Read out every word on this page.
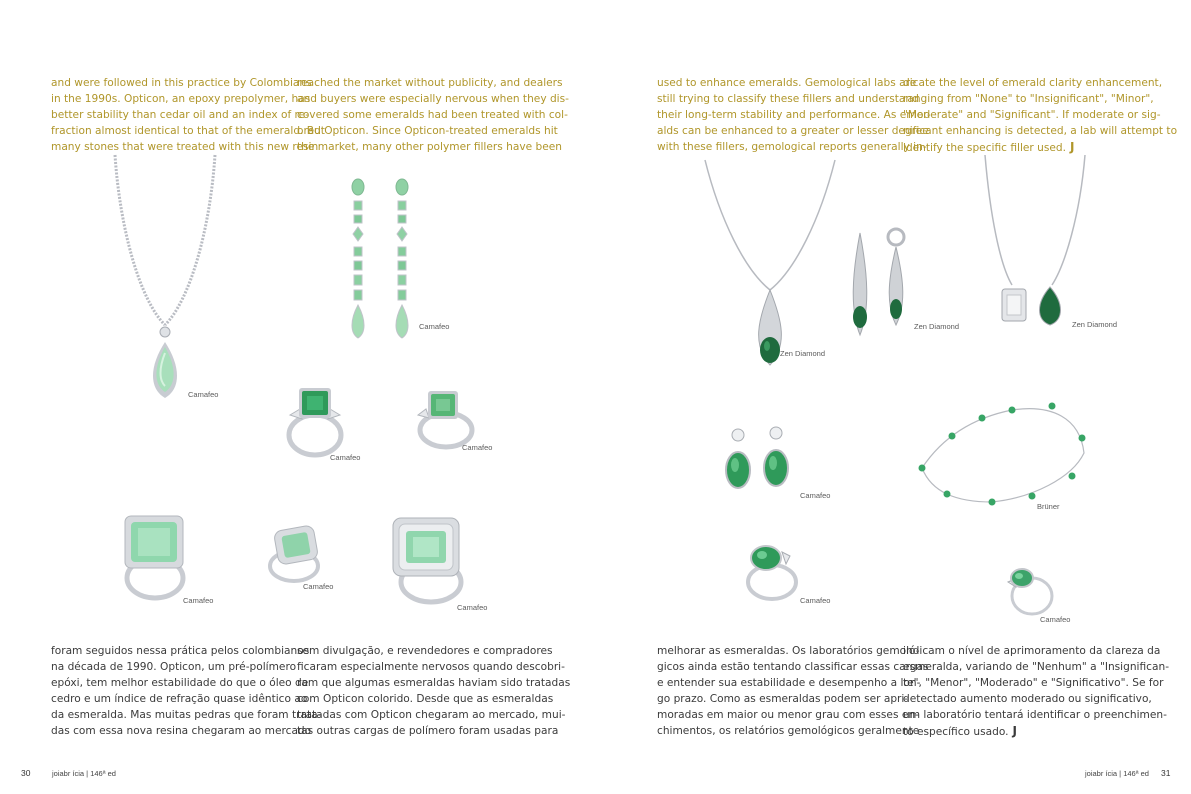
and were followed in this practice by Colombians
in the 1990s. Opticon, an epoxy prepolymer, has
better stability than cedar oil and an index of re-
fraction almost identical to that of the emerald. But
many stones that were treated with this new resin
reached the market without publicity, and dealers
and buyers were especially nervous when they dis-
covered some emeralds had been treated with col-
ored Opticon. Since Opticon-treated emeralds hit
the market, many other polymer fillers have been
foram seguidos nessa prática pelos colombianos
na década de 1990. Opticon, um pré-polímero
epóxi, tem melhor estabilidade do que o óleo de
cedro e um índice de refração quase idêntico ao
da esmeralda. Mas muitas pedras que foram trata-
das com essa nova resina chegaram ao mercado
sem divulgação, e revendedores e compradores
ficaram especialmente nervosos quando descobri-
ram que algumas esmeraldas haviam sido tratadas
com Opticon colorido. Desde que as esmeraldas
tratadas com Opticon chegaram ao mercado, mui-
tas outras cargas de polímero foram usadas para
used to enhance emeralds. Gemological labs are
still trying to classify these fillers and understand
their long-term stability and performance. As emer-
alds can be enhanced to a greater or lesser degree
with these fillers, gemological reports generally in-
dicate the level of emerald clarity enhancement,
ranging from "None" to "Insignificant", "Minor",
"Moderate" and "Significant". If moderate or sig-
nificant enhancing is detected, a lab will attempt to
identify the specific filler used. J
melhorar as esmeraldas. Os laboratórios gemoló-
gicos ainda estão tentando classificar essas cargas
e entender sua estabilidade e desempenho a lon-
go prazo. Como as esmeraldas podem ser apri-
moradas em maior ou menor grau com esses en-
chimentos, os relatórios gemológicos geralmente
indicam o nível de aprimoramento da clareza da
esmeralda, variando de "Nenhum" a "Insignifican-
te", "Menor", "Moderado" e "Significativo". Se for
detectado aumento moderado ou significativo,
um laboratório tentará identificar o preenchimen-
to específico usado. J
Camafeo
Camafeo
Camafeo
Camafeo
Camafeo
Camafeo
Camafeo
Zen Diamond
Zen Diamond	Zen Diamond
Camafeo
Brüner
Camafeo
Camafeo
30	joiabr ícia | 146ª ed	joiabr ícia | 146ª ed 31
